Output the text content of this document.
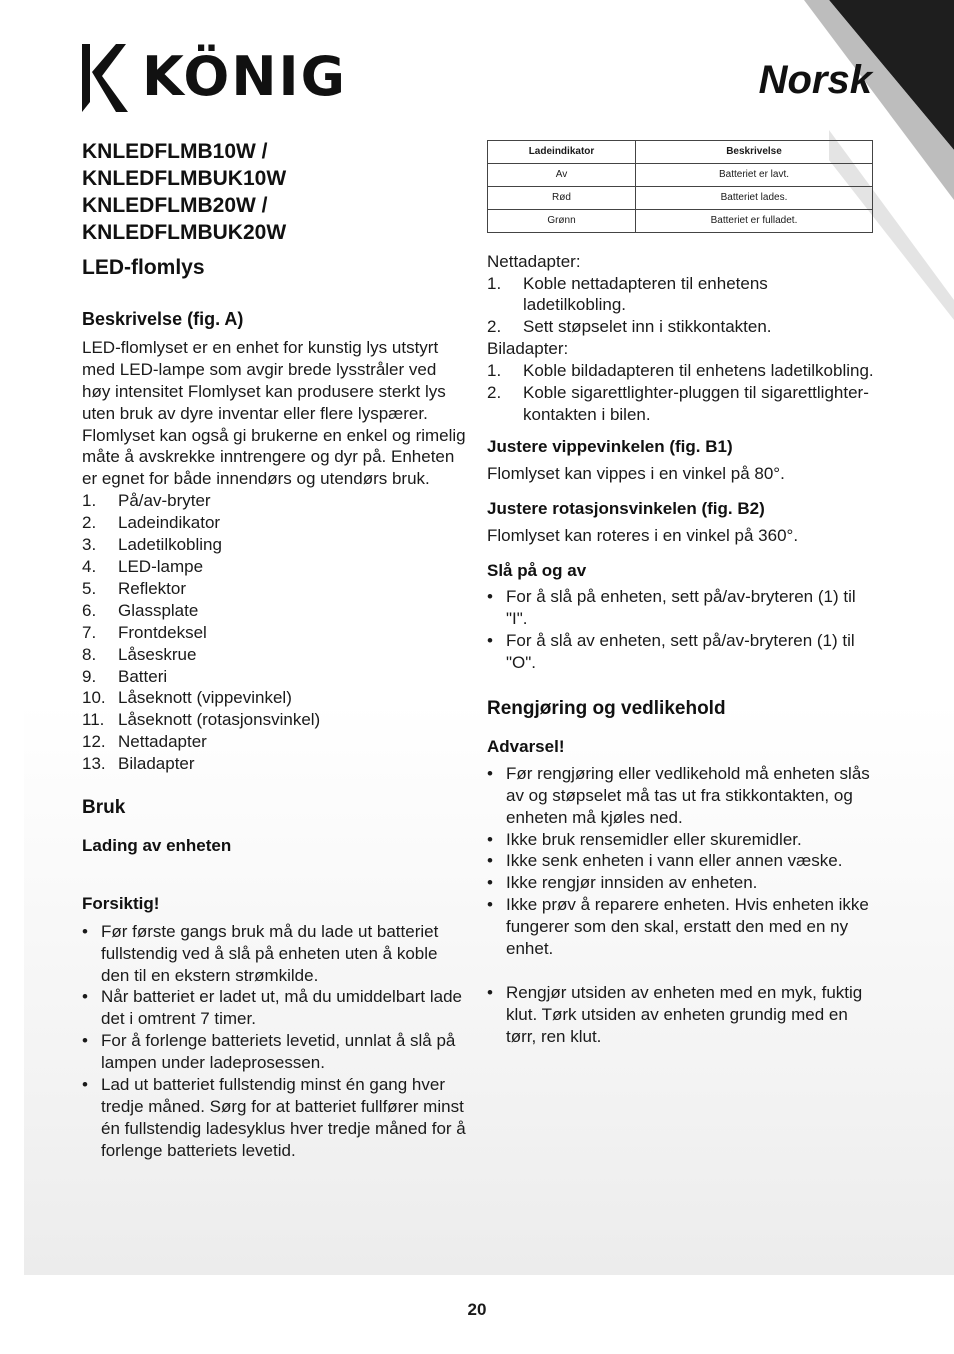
KÖNIG	Norsk
KNLEDFLMB10W / KNLEDFLMBUK10W
KNLEDFLMB20W / KNLEDFLMBUK20W
LED-flomlys
Beskrivelse (fig. A)

LED-flomlyset er en enhet for kunstig lys utstyrt med LED-lampe som avgir brede lysstråler ved høy intensitet Flomlyset kan produsere sterkt lys uten bruk av dyre inventar eller flere lyspærer. Flomlyset kan også gi brukerne en enkel og rimelig måte å avskrekke inntrengere og dyr på. Enheten er egnet for både innendørs og utendørs bruk.

1.	På/av-bryter
2.	Ladeindikator
3.	Ladetilkobling
4.	LED-lampe
5.	Reflektor
6.	Glassplate
7.	Frontdeksel
8.	Låseskrue
9.	Batteri
10. Låseknott (vippevinkel)
11. Låseknott (rotasjonsvinkel)
12. Nettadapter
13. Biladapter
Bruk
Lading av enheten
Forsiktig!
• Før første gangs bruk må du lade ut batteriet fullstendig ved å slå på enheten uten å koble den til en ekstern strømkilde.
• Når batteriet er ladet ut, må du umiddelbart lade det i omtrent 7 timer.
• For å forlenge batteriets levetid, unnlat å slå på lampen under ladeprosessen.
• Lad ut batteriet fullstendig minst én gang hver tredje måned. Sørg for at batteriet fullfører minst én fullstendig ladesyklus hver tredje måned for å forlenge batteriets levetid.
Ladeindikator	Beskrivelse
Av	Batteriet er lavt.
Rød	Batteriet lades.
Grønn	Batteriet er fulladet.

Nettadapter:

1.	Koble nettadapteren til enhetens ladetilkobling.
2.	Sett støpselet inn i stikkontakten.

Biladapter:

1.	Koble bildadapteren til enhetens ladetilkobling.
2.	Koble sigarettlighter-pluggen til sigarettlighter-kontakten i bilen.
Justere vippevinkelen (fig. B1)

Flomlyset kan vippes i en vinkel på 80°.

Justere rotasjonsvinkelen (fig. B2)

Flomlyset kan roteres i en vinkel på 360°.

Slå på og av
• For å slå på enheten, sett på/av-bryteren (1) til "I".
• For å slå av enheten, sett på/av-bryteren (1) til "O".
Rengjøring og vedlikehold
Advarsel!
• Før rengjøring eller vedlikehold må enheten slås av og støpselet må tas ut fra stikkontakten, og enheten må kjøles ned.
• Ikke bruk rensemidler eller skuremidler.
• Ikke senk enheten i vann eller annen væske.
• Ikke rengjør innsiden av enheten.
• Ikke prøv å reparere enheten. Hvis enheten ikke fungerer som den skal, erstatt den med en ny enhet.
• Rengjør utsiden av enheten med en myk, fuktig klut. Tørk utsiden av enheten grundig med en tørr, ren klut.
20
